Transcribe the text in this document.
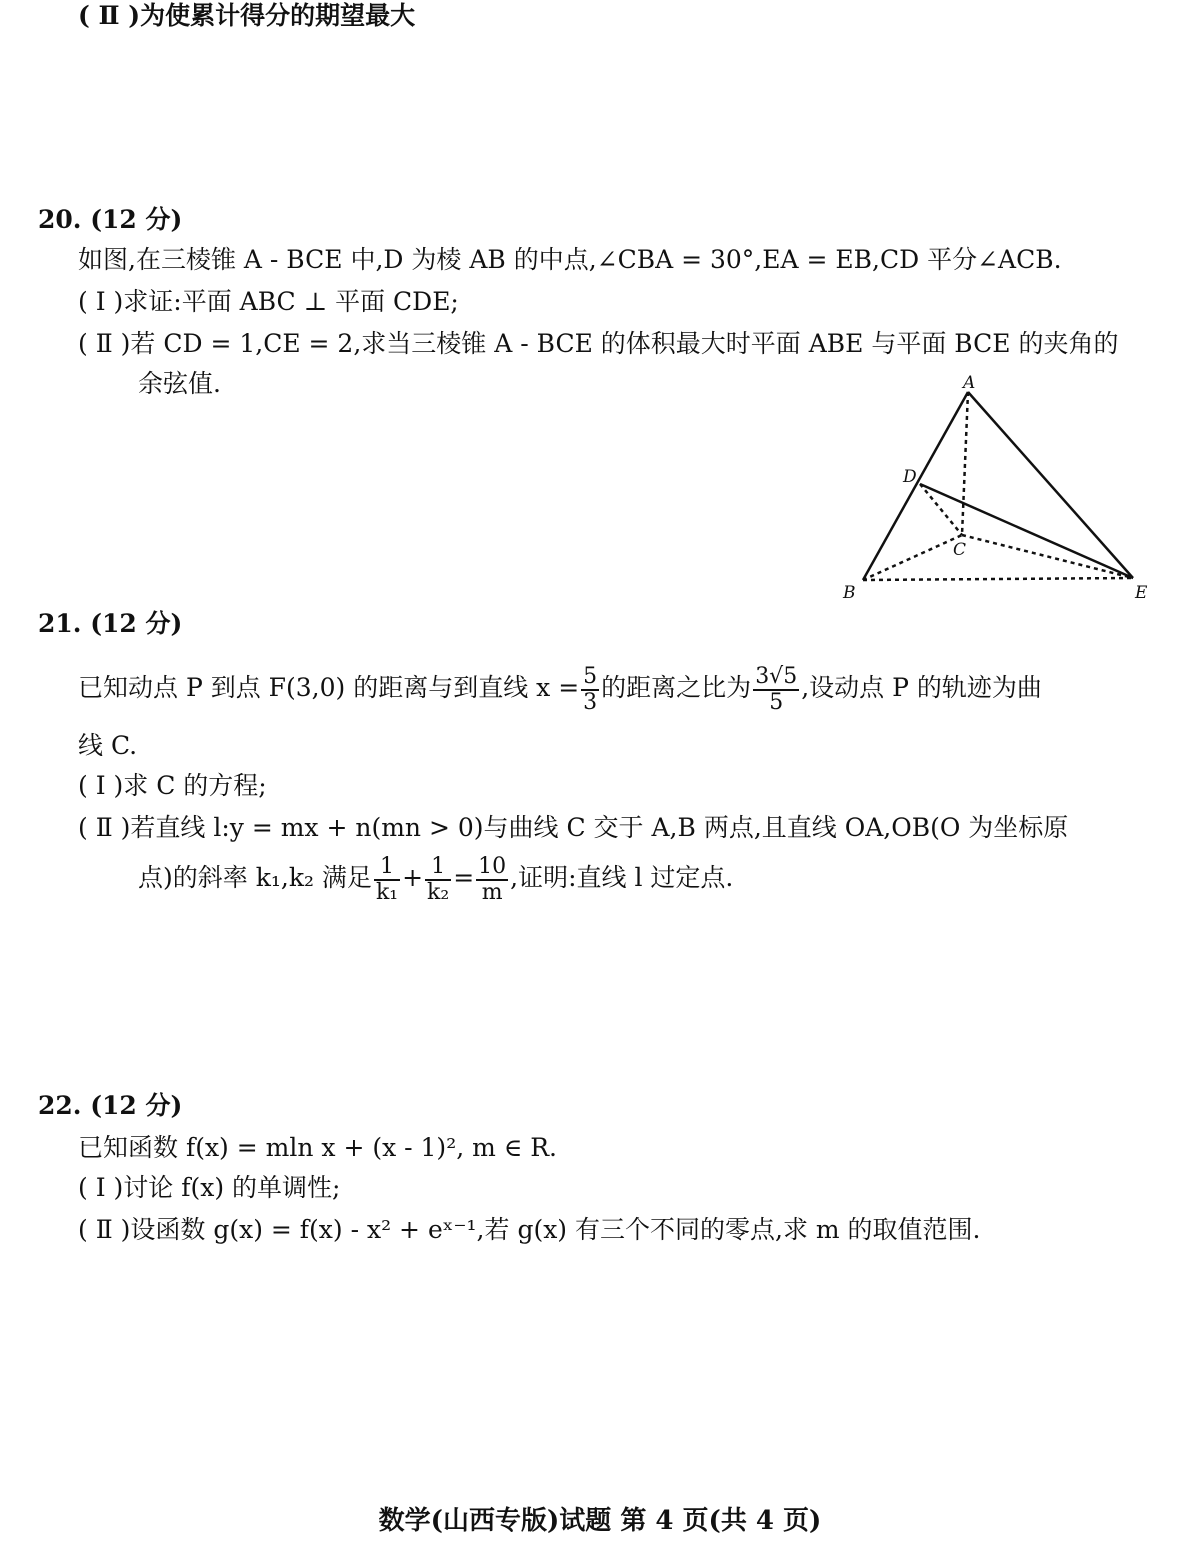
( Ⅱ )为使累计得分的期望最大
20. (12 分)
如图,在三棱锥 A - BCE 中,D 为棱 AB 的中点,∠CBA = 30°,EA = EB,CD 平分∠ACB.
( Ⅰ )求证:平面 ABC ⊥ 平面 CDE;
( Ⅱ )若 CD = 1,CE = 2,求当三棱锥 A - BCE 的体积最大时平面 ABE 与平面 BCE 的夹角的
余弦值.	A
D
C
B	E
21. (12 分)
已知动点 P 到点 F(3,0) 的距离与到直线 $x = \frac{5}{3}$ 的距离之比为 $\frac{3√5}{5}$ ,设动点 P 的轨迹为曲
线 C.
( Ⅰ )求 C 的方程;
( Ⅱ )若直线 l:y = mx + n(mn > 0)与曲线 C 交于 A,B 两点,且直线 OA,OB(O 为坐标原
点)的斜率 k₁,k₂ 满足 $\frac{1}{\text{k₁}} + \frac{1}{\text{k₂}} = \frac{10}{m}$ ,证明:直线 l 过定点.
22. (12 分)
已知函数 f(x) = mln x + (x - 1)², m ∈ R.
( Ⅰ )讨论 f(x) 的单调性;
( Ⅱ )设函数 g(x) = f(x) - x² + eˣ⁻¹,若 g(x) 有三个不同的零点,求 m 的取值范围.
数学(山西专版)试题 第 4 页(共 4 页)
